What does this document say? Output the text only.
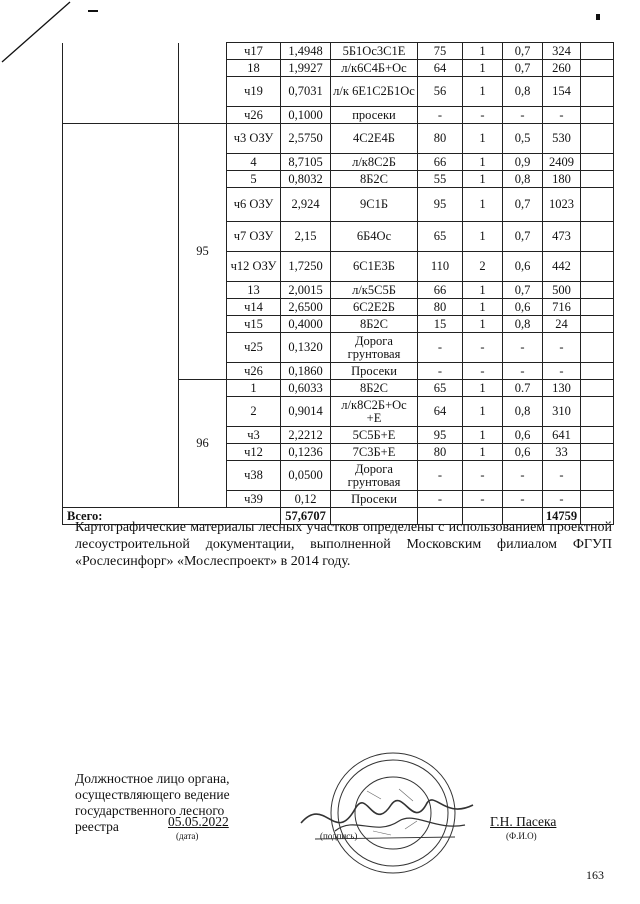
		ч17	1,4948	5Б1Ос3С1Е	75	1	0,7	324	
		18	1,9927	л/к6С4Б+Ос	64	1	0,7	260	
		ч19	0,7031	л/к 6Е1С2Б1Ос	56	1	0,8	154	
		ч26	0,1000	просеки	-	-	-	-	
	95	ч3 ОЗУ	2,5750	4С2Е4Б	80	1	0,5	530	
		4	8,7105	л/к8С2Б	66	1	0,9	2409	
		5	0,8032	8Б2С	55	1	0,8	180	
		ч6 ОЗУ	2,924	9С1Б	95	1	0,7	1023	
		ч7 ОЗУ	2,15	6Б4Ос	65	1	0,7	473	
		ч12 ОЗУ	1,7250	6С1Е3Б	110	2	0,6	442	
		13	2,0015	л/к5С5Б	66	1	0,7	500	
		ч14	2,6500	6С2Е2Б	80	1	0,6	716	
		ч15	0,4000	8Б2С	15	1	0,8	24	
		ч25	0,1320	Дорога грунтовая	-	-	-	-	
		ч26	0,1860	Просеки	-	-	-	-	
	96	1	0,6033	8Б2С	65	1	0.7	130	
		2	0,9014	л/к8С2Б+Ос +Е	64	1	0,8	310	
		ч3	2,2212	5С5Б+Е	95	1	0,6	641	
		ч12	0,1236	7С3Б+Е	80	1	0,6	33	
		ч38	0,0500	Дорога грунтовая	-	-	-	-	
		ч39	0,12	Просеки	-	-	-	-	
Всего:			57,6707					14759	

Картографические материалы лесных участков определены с использованием проектной лесоустроительной документации, выполненной Московским филиалом ФГУП «Рослесинфорг» «Мослеспроект» в 2014 году.

Должностное лицо органа,
осуществляющего ведение
государственного лесного
реестра	05.05.2022
(дата)	(подпись)
Г.Н. Пасека
(Ф.И.О)
163
